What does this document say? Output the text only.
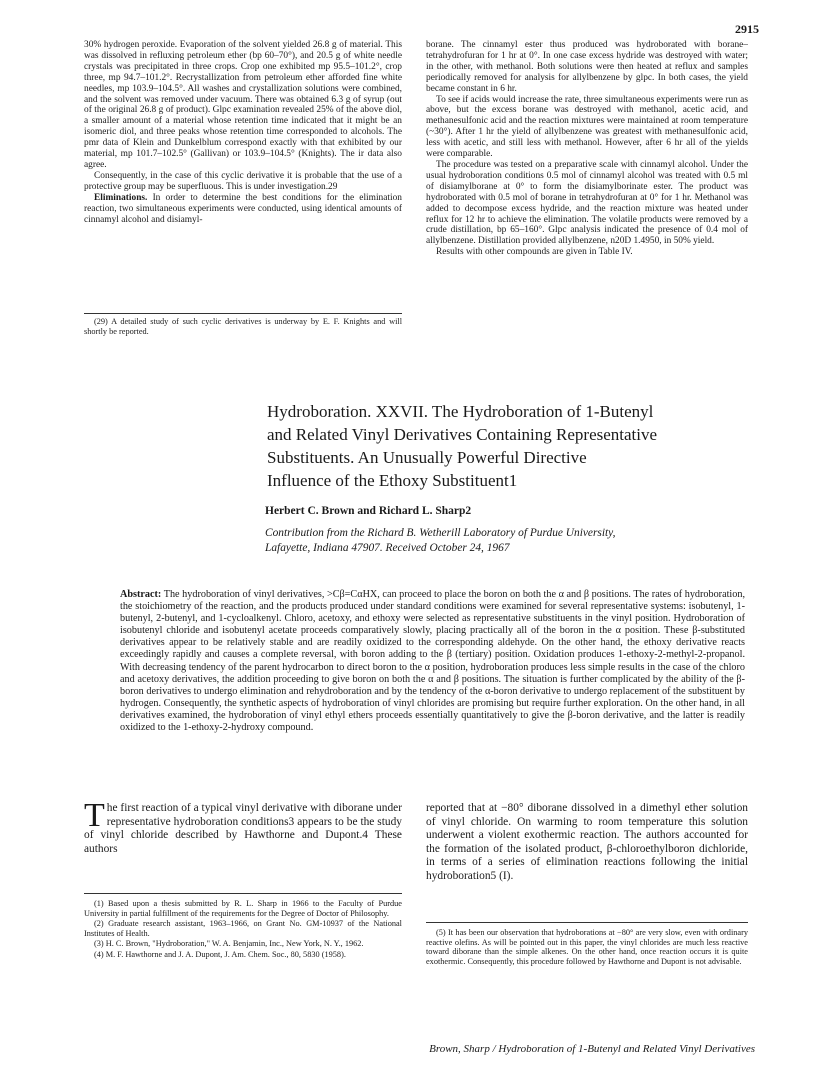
2915

30% hydrogen peroxide. Evaporation of the solvent yielded 26.8 g of material. This was dissolved in refluxing petroleum ether (bp 60–70°), and 20.5 g of white needle crystals was precipitated in three crops. Crop one exhibited mp 95.5–101.2°, crop three, mp 94.7–101.2°. Recrystallization from petroleum ether afforded fine white needles, mp 103.9–104.5°. All washes and crystallization solutions were combined, and the solvent was removed under vacuum. There was obtained 6.3 g of syrup (out of the original 26.8 g of product). Glpc examination revealed 25% of the above diol, a smaller amount of a material whose retention time indicated that it might be an isomeric diol, and three peaks whose retention time corresponded to alcohols. The pmr data of Klein and Dunkelblum correspond exactly with that exhibited by our material, mp 101.7–102.5° (Gallivan) or 103.9–104.5° (Knights). The ir data also agree.

Consequently, in the case of this cyclic derivative it is probable that the use of a protective group may be superfluous. This is under investigation.29

Eliminations. In order to determine the best conditions for the elimination reaction, two simultaneous experiments were conducted, using identical amounts of cinnamyl alcohol and disiamyl-

(29) A detailed study of such cyclic derivatives is underway by E. F. Knights and will shortly be reported.

borane. The cinnamyl ester thus produced was hydroborated with borane–tetrahydrofuran for 1 hr at 0°. In one case excess hydride was destroyed with water; in the other, with methanol. Both solutions were then heated at reflux and samples periodically removed for analysis for allylbenzene by glpc. In both cases, the yield became constant in 6 hr.

To see if acids would increase the rate, three simultaneous experiments were run as above, but the excess borane was destroyed with methanol, acetic acid, and methanesulfonic acid and the reaction mixtures were maintained at room temperature (~30°). After 1 hr the yield of allylbenzene was greatest with methanesulfonic acid, less with acetic, and still less with methanol. However, after 6 hr all of the yields were comparable.

The procedure was tested on a preparative scale with cinnamyl alcohol. Under the usual hydroboration conditions 0.5 mol of cinnamyl alcohol was treated with 0.5 ml of disiamylborane at 0° to form the disiamylborinate ester. The product was hydroborated with 0.5 mol of borane in tetrahydrofuran at 0° for 1 hr. Methanol was added to decompose excess hydride, and the reaction mixture was heated under reflux for 12 hr to achieve the elimination. The volatile products were removed by a crude distillation, bp 65–160°. Glpc analysis indicated the presence of 0.4 mol of allylbenzene. Distillation provided allylbenzene, n20D 1.4950, in 50% yield.

Results with other compounds are given in Table IV.

Hydroboration. XXVII. The Hydroboration of 1-Butenyl
and Related Vinyl Derivatives Containing Representative
Substituents. An Unusually Powerful Directive
Influence of the Ethoxy Substituent1
Herbert C. Brown and Richard L. Sharp2
Contribution from the Richard B. Wetherill Laboratory of Purdue University,
Lafayette, Indiana 47907. Received October 24, 1967

Abstract: The hydroboration of vinyl derivatives, >Cβ=CαHX, can proceed to place the boron on both the α and β positions. The rates of hydroboration, the stoichiometry of the reaction, and the products produced under standard conditions were examined for several representative systems: isobutenyl, 1-butenyl, 2-butenyl, and 1-cycloalkenyl. Chloro, acetoxy, and ethoxy were selected as representative substituents in the vinyl position. Hydroboration of isobutenyl chloride and isobutenyl acetate proceeds comparatively slowly, placing practically all of the boron in the α position. These β-substituted derivatives appear to be relatively stable and are readily oxidized to the corresponding aldehyde. On the other hand, the ethoxy derivative reacts exceedingly rapidly and causes a complete reversal, with boron adding to the β (tertiary) position. Oxidation produces 1-ethoxy-2-methyl-2-propanol. With decreasing tendency of the parent hydrocarbon to direct boron to the α position, hydroboration produces less simple results in the case of the chloro and acetoxy derivatives, the addition proceeding to give boron on both the α and β positions. The situation is further complicated by the ability of the β-boron derivatives to undergo elimination and rehydroboration and by the tendency of the α-boron derivative to undergo replacement of the substituent by hydrogen. Consequently, the synthetic aspects of hydroboration of vinyl chlorides are promising but require further exploration. On the other hand, in all derivatives examined, the hydroboration of vinyl ethyl ethers proceeds essentially quantitatively to give the β-boron derivative, and the latter is readily oxidized to the 1-ethoxy-2-hydroxy compound.

The first reaction of a typical vinyl derivative with diborane under representative hydroboration conditions3 appears to be the study of vinyl chloride described by Hawthorne and Dupont.4 These authors

(1) Based upon a thesis submitted by R. L. Sharp in 1966 to the Faculty of Purdue University in partial fulfillment of the requirements for the Degree of Doctor of Philosophy.

(2) Graduate research assistant, 1963–1966, on Grant No. GM-10937 of the National Institutes of Health.

(3) H. C. Brown, "Hydroboration," W. A. Benjamin, Inc., New York, N. Y., 1962.

(4) M. F. Hawthorne and J. A. Dupont, J. Am. Chem. Soc., 80, 5830 (1958).

reported that at −80° diborane dissolved in a dimethyl ether solution of vinyl chloride. On warming to room temperature this solution underwent a violent exothermic reaction. The authors accounted for the formation of the isolated product, β-chloroethylboron dichloride, in terms of a series of elimination reactions following the initial hydroboration5 (I).

(5) It has been our observation that hydroborations at −80° are very slow, even with ordinary reactive olefins. As will be pointed out in this paper, the vinyl chlorides are much less reactive toward diborane than the simple alkenes. On the other hand, once reaction occurs it is quite exothermic. Consequently, this procedure followed by Hawthorne and Dupont is not advisable.

Brown, Sharp / Hydroboration of 1-Butenyl and Related Vinyl Derivatives
